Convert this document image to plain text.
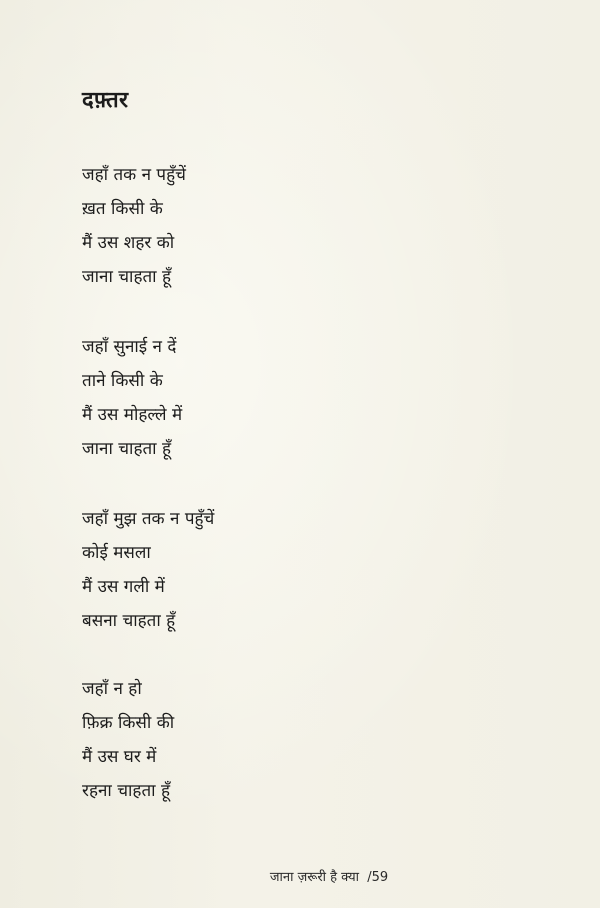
दफ़्तर
जहाँ तक न पहुँचें
ख़त किसी के
मैं उस शहर को
जाना चाहता हूँ
जहाँ सुनाई न दें
ताने किसी के
मैं उस मोहल्ले में
जाना चाहता हूँ
जहाँ मुझ तक न पहुँचें
कोई मसला
मैं उस गली में
बसना चाहता हूँ
जहाँ न हो
फ़िक्र किसी की
मैं उस घर में
रहना चाहता हूँ
जाना ज़रूरी है क्या /59
